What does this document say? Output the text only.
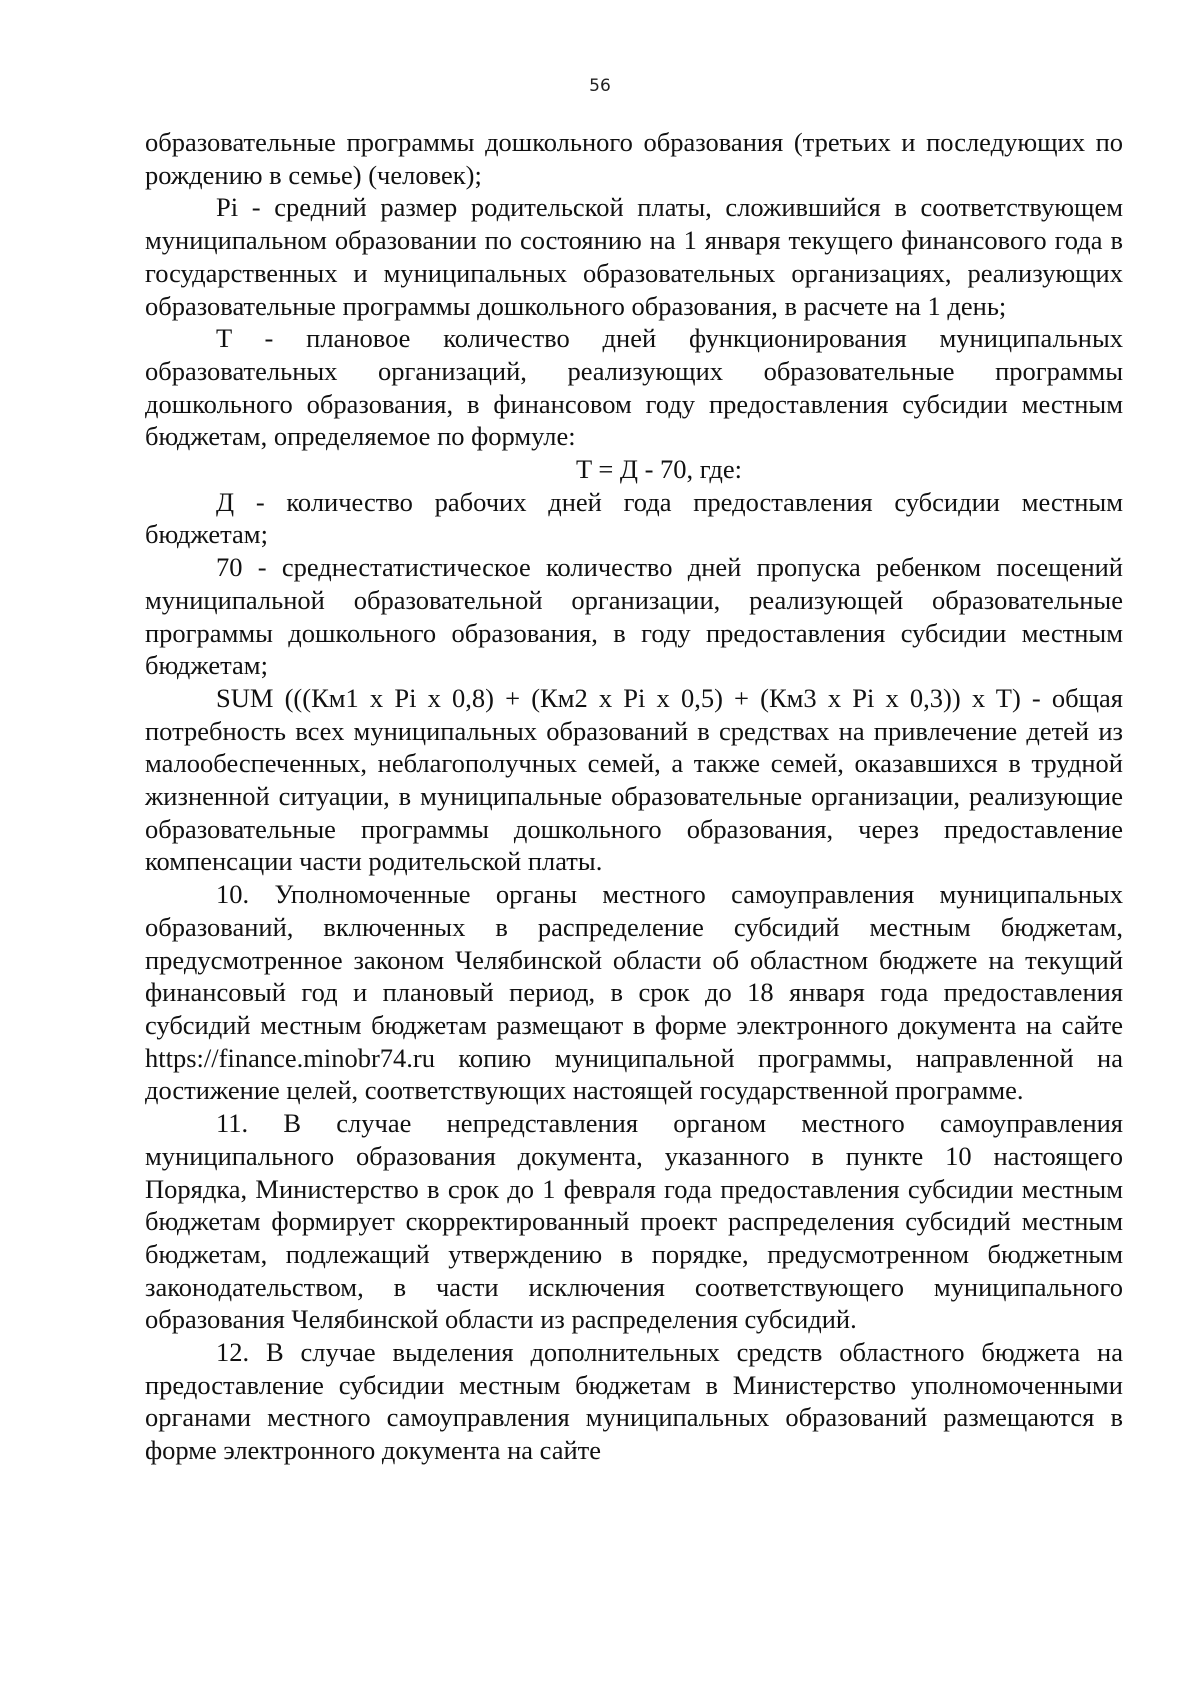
56

образовательные программы дошкольного образования (третьих и последующих по рождению в семье) (человек);

Pi - средний размер родительской платы, сложившийся в соответствующем муниципальном образовании по состоянию на 1 января текущего финансового года в государственных и муниципальных образовательных организациях, реализующих образовательные программы дошкольного образования, в расчете на 1 день;

T - плановое количество дней функционирования муниципальных образовательных организаций, реализующих образовательные программы дошкольного образования, в финансовом году предоставления субсидии местным бюджетам, определяемое по формуле:

T = Д - 70, где:

Д - количество рабочих дней года предоставления субсидии местным бюджетам;

70 - среднестатистическое количество дней пропуска ребенком посещений муниципальной образовательной организации, реализующей образовательные программы дошкольного образования, в году предоставления субсидии местным бюджетам;

SUM (((Км1 x Pi x 0,8) + (Км2 x Pi x 0,5) + (Км3 x Pi x 0,3)) x T) - общая потребность всех муниципальных образований в средствах на привлечение детей из малообеспеченных, неблагополучных семей, а также семей, оказавшихся в трудной жизненной ситуации, в муниципальные образовательные организации, реализующие образовательные программы дошкольного образования, через предоставление компенсации части родительской платы.

10. Уполномоченные органы местного самоуправления муниципальных образований, включенных в распределение субсидий местным бюджетам, предусмотренное законом Челябинской области об областном бюджете на текущий финансовый год и плановый период, в срок до 18 января года предоставления субсидий местным бюджетам размещают в форме электронного документа на сайте https://finance.minobr74.ru копию муниципальной программы, направленной на достижение целей, соответствующих настоящей государственной программе.

11. В случае непредставления органом местного самоуправления муниципального образования документа, указанного в пункте 10 настоящего Порядка, Министерство в срок до 1 февраля года предоставления субсидии местным бюджетам формирует скорректированный проект распределения субсидий местным бюджетам, подлежащий утверждению в порядке, предусмотренном бюджетным законодательством, в части исключения соответствующего муниципального образования Челябинской области из распределения субсидий.

12. В случае выделения дополнительных средств областного бюджета на предоставление субсидии местным бюджетам в Министерство уполномоченными органами местного самоуправления муниципальных образований размещаются в форме электронного документа на сайте
